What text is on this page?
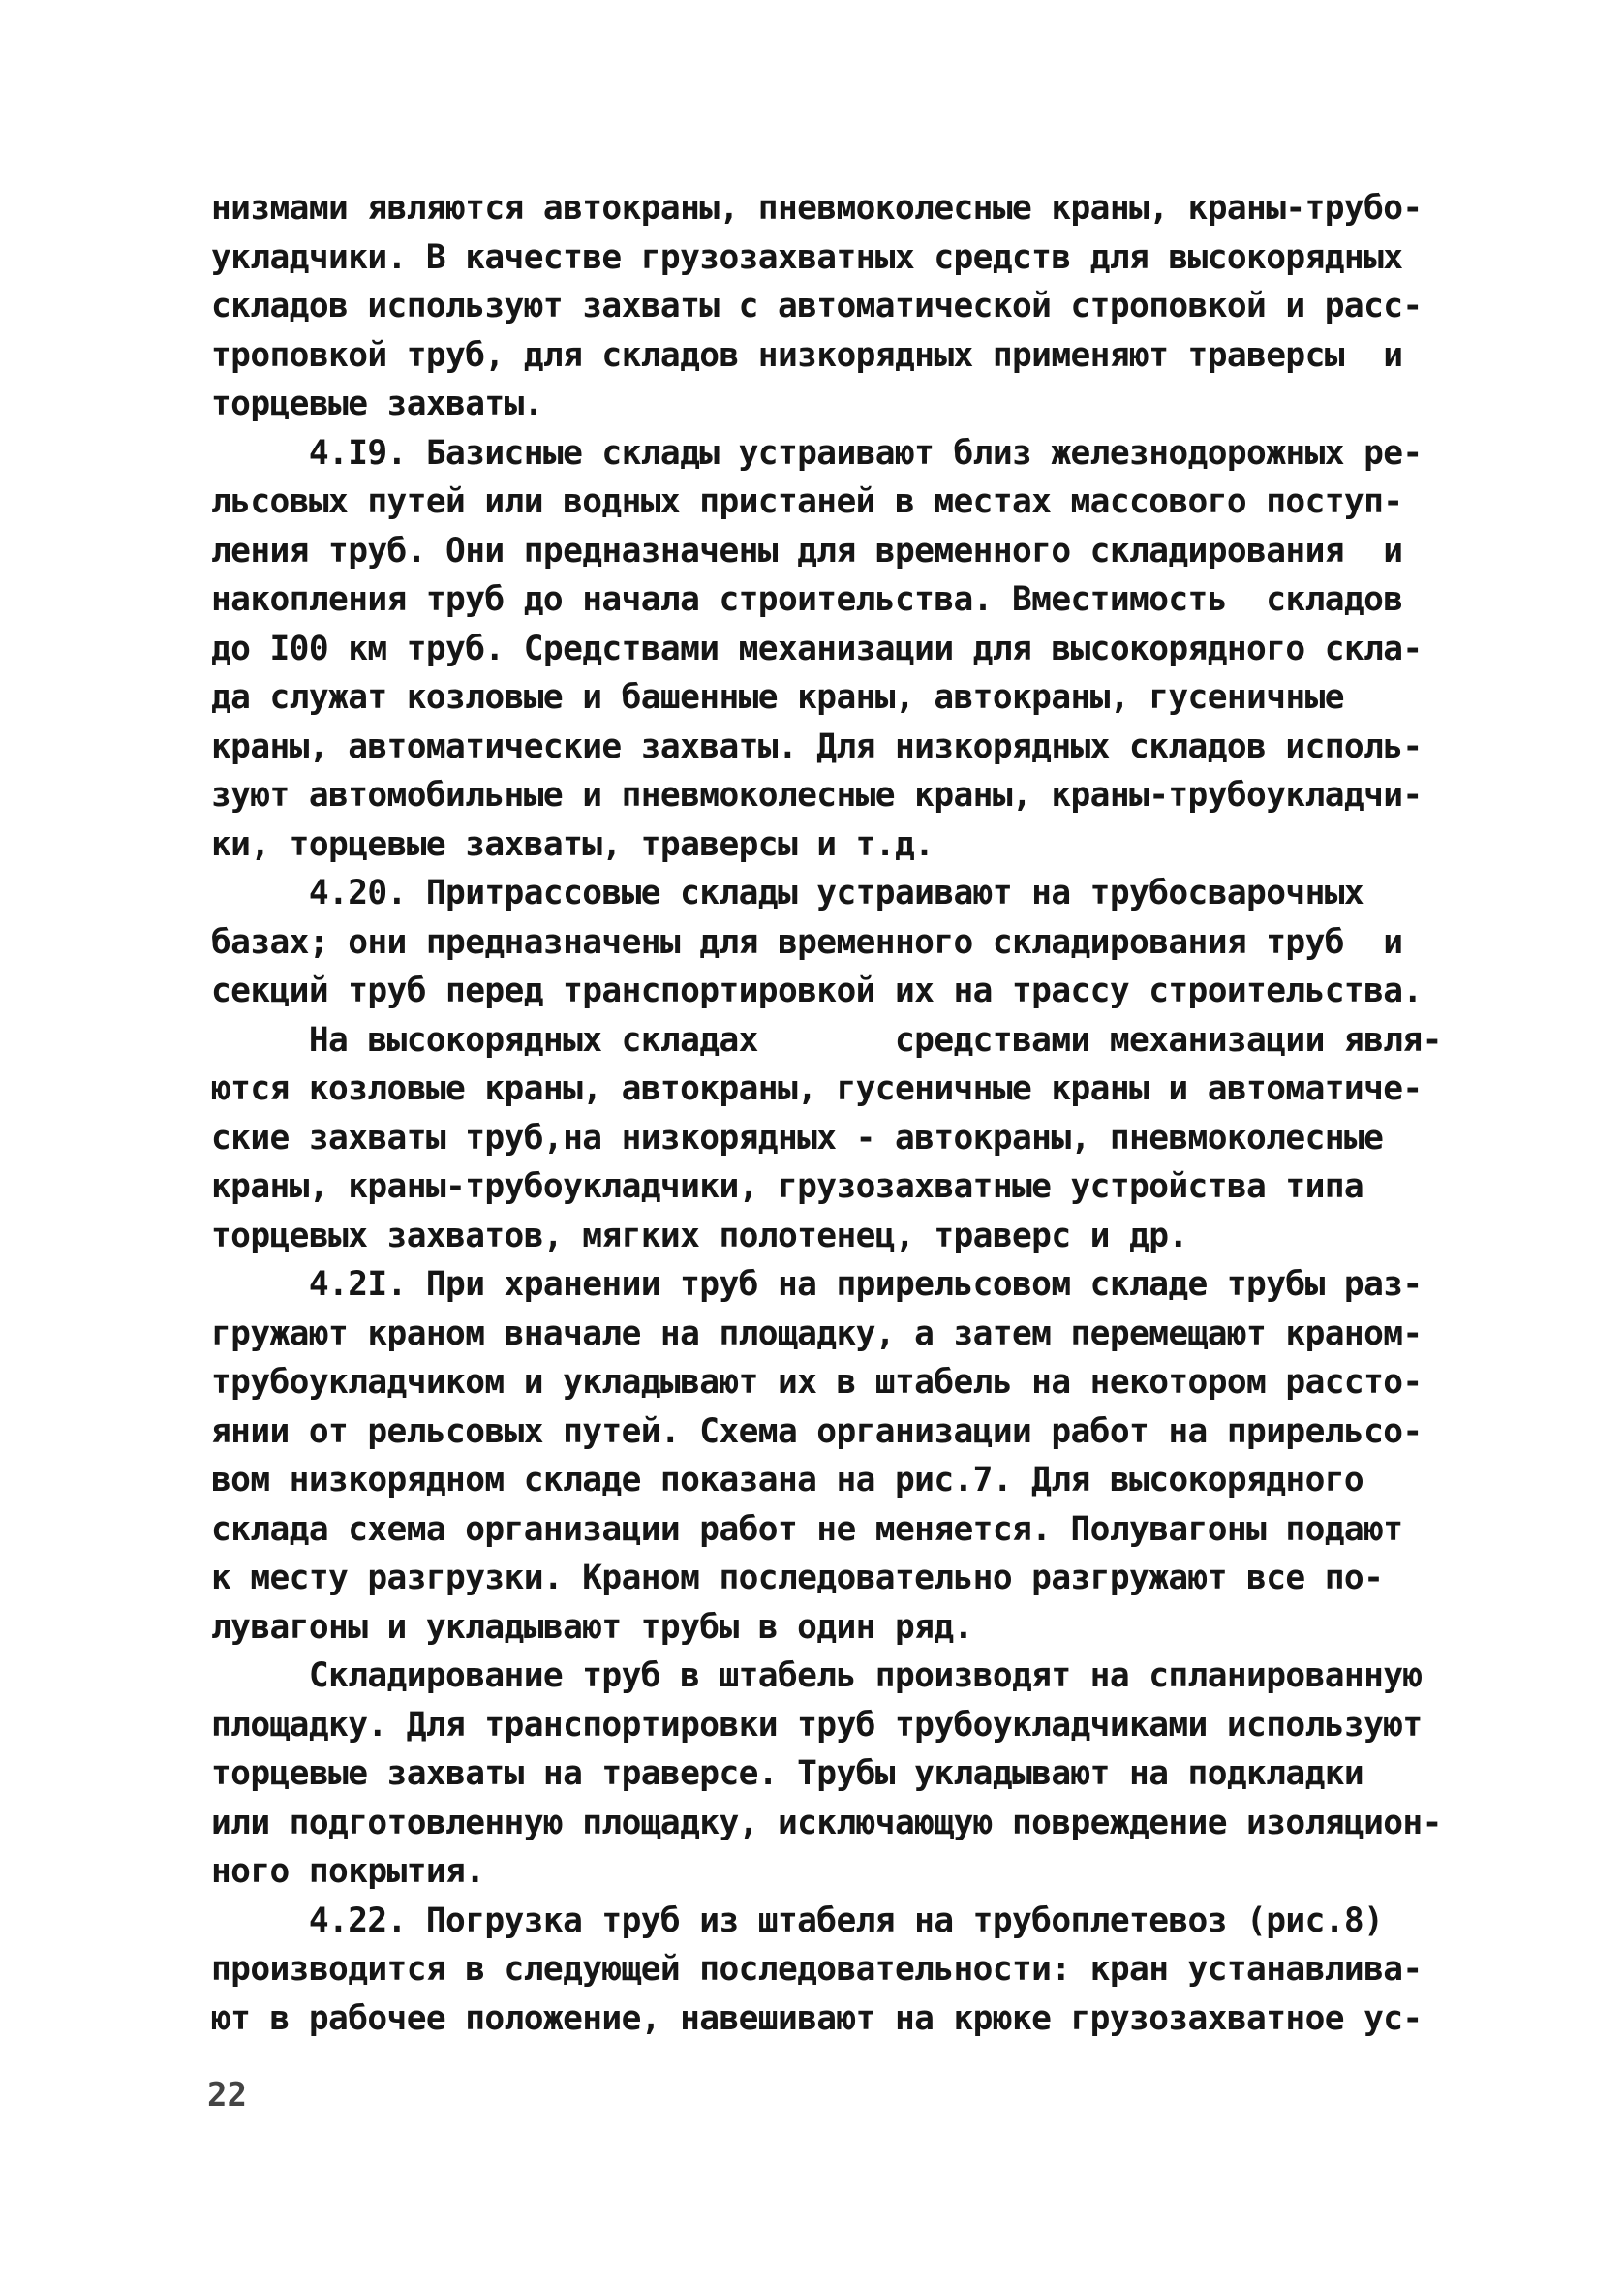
низмами являются автокраны, пневмоколесные краны, краны-трубо-
укладчики. В качестве грузозахватных средств для высокорядных
складов используют захваты с автоматической строповкой и расс-
троповкой труб, для складов низкорядных применяют траверсы  и
торцевые захваты.
4.I9. Базисные склады устраивают близ железнодорожных ре-
льсовых путей или водных пристаней в местах массового поступ-
ления труб. Они предназначены для временного складирования  и
накопления труб до начала строительства. Вместимость  складов
до I00 км труб. Средствами механизации для высокорядного скла-
да служат козловые и башенные краны, автокраны, гусеничные
краны, автоматические захваты. Для низкорядных складов исполь-
зуют автомобильные и пневмоколесные краны, краны-трубоукладчи-
ки, торцевые захваты, траверсы и т.д.
4.20. Притрассовые склады устраивают на трубосварочных
базах; они предназначены для временного складирования труб  и
секций труб перед транспортировкой их на трассу строительства.
На высокорядных складах       средствами механизации явля-
ются козловые краны, автокраны, гусеничные краны и автоматиче-
ские захваты труб,на низкорядных - автокраны, пневмоколесные
краны, краны-трубоукладчики, грузозахватные устройства типа
торцевых захватов, мягких полотенец, траверс и др.
4.2I. При хранении труб на прирельсовом складе трубы раз-
гружают краном вначале на площадку, а затем перемещают краном-
трубоукладчиком и укладывают их в штабель на некотором рассто-
янии от рельсовых путей. Схема организации работ на прирельсо-
вом низкорядном складе показана на рис.7. Для высокорядного
склада схема организации работ не меняется. Полувагоны подают
к месту разгрузки. Краном последовательно разгружают все по-
лувагоны и укладывают трубы в один ряд.
Складирование труб в штабель производят на спланированную
площадку. Для транспортировки труб трубоукладчиками используют
торцевые захваты на траверсе. Трубы укладывают на подкладки
или подготовленную площадку, исключающую повреждение изоляцион-
ного покрытия.
4.22. Погрузка труб из штабеля на трубоплетевоз (рис.8)
производится в следующей последовательности: кран устанавлива-
ют в рабочее положение, навешивают на крюке грузозахватное ус-
22
